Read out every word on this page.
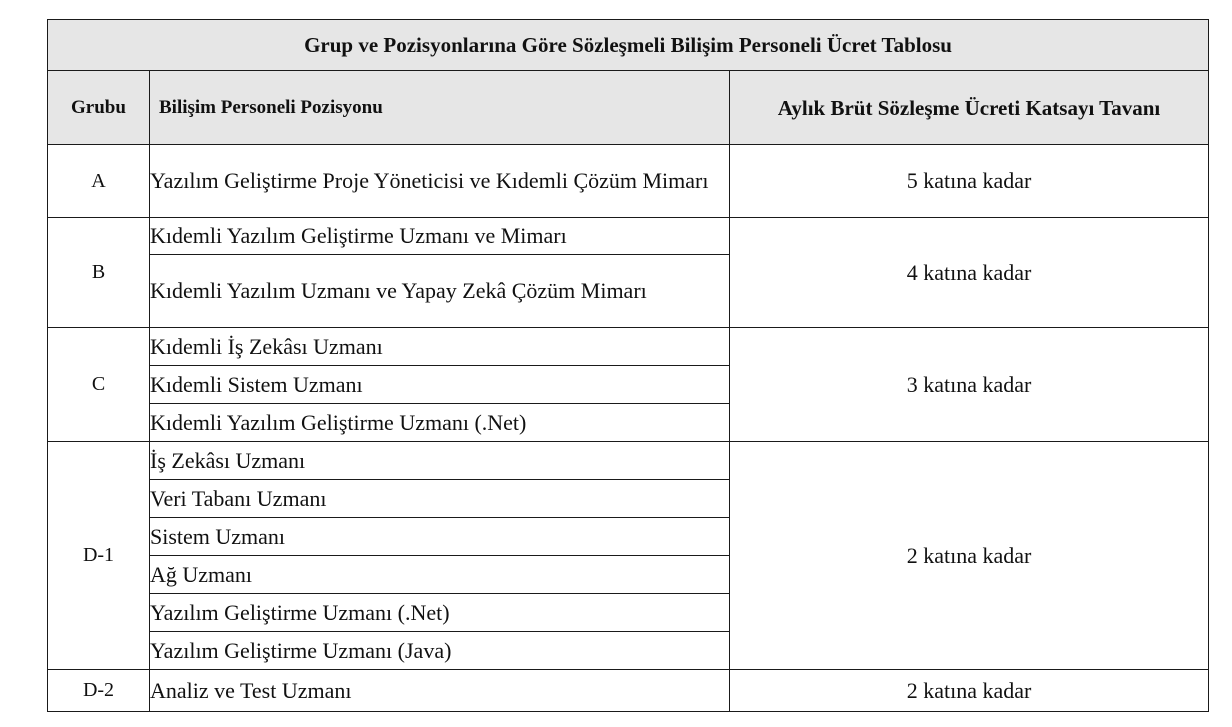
Grup ve Pozisyonlarına Göre Sözleşmeli Bilişim Personeli Ücret Tablosu		
Grubu	Bilişim Personeli Pozisyonu	Aylık Brüt Sözleşme Ücreti Katsayı Tavanı
A	Yazılım Geliştirme Proje Yöneticisi ve Kıdemli Çözüm Mimarı	5 katına kadar
B	Kıdemli Yazılım Geliştirme Uzmanı ve Mimarı	4 katına kadar
	Kıdemli Yazılım Uzmanı ve Yapay Zekâ Çözüm Mimarı	
C	Kıdemli İş Zekâsı Uzmanı	3 katına kadar
	Kıdemli Sistem Uzmanı	
	Kıdemli Yazılım Geliştirme Uzmanı (.Net)	
D-1	İş Zekâsı Uzmanı	2 katına kadar
	Veri Tabanı Uzmanı	
	Sistem Uzmanı	
	Ağ Uzmanı	
	Yazılım Geliştirme Uzmanı (.Net)	
	Yazılım Geliştirme Uzmanı (Java)	
D-2	Analiz ve Test Uzmanı	2 katına kadar
